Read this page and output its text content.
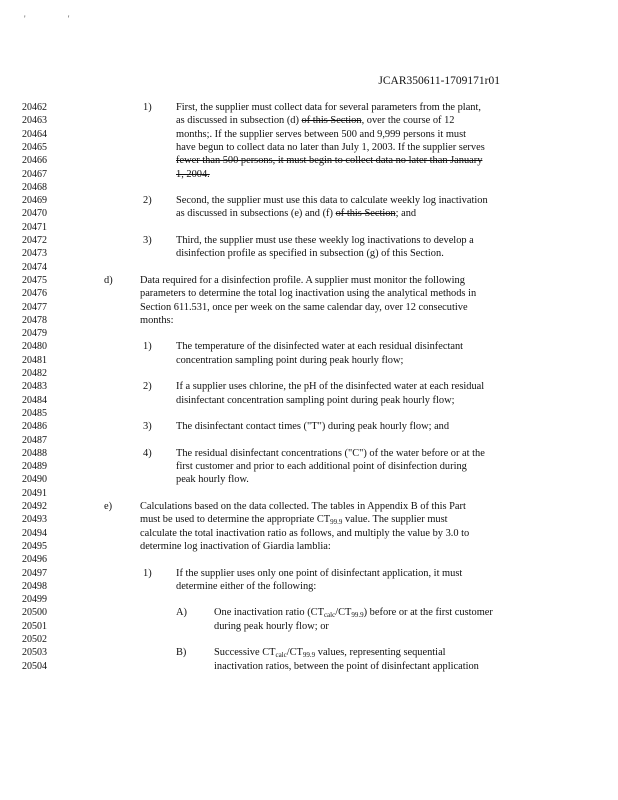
' '
JCAR350611-1709171r01
20462	1) First, the supplier must collect data for several parameters from the plant,
20463	as discussed in subsection (d) of this Section, over the course of 12
20464	months;. If the supplier serves between 500 and 9,999 persons it must
20465	have begun to collect data no later than July 1, 2003. If the supplier serves
20466	fewer than 500 persons, it must begin to collect data no later than January
20467	1, 2004.
20468
20469	2) Second, the supplier must use this data to calculate weekly log inactivation
20470	as discussed in subsections (e) and (f) of this Section; and
20471
20472	3) Third, the supplier must use these weekly log inactivations to develop a
20473	disinfection profile as specified in subsection (g) of this Section.
20474
20475	d)	Data required for a disinfection profile. A supplier must monitor the following
20476	parameters to determine the total log inactivation using the analytical methods in
20477	Section 611.531, once per week on the same calendar day, over 12 consecutive
20478	months:
20479
20480	1) The temperature of the disinfected water at each residual disinfectant
20481	concentration sampling point during peak hourly flow;
20482
20483	2) If a supplier uses chlorine, the pH of the disinfected water at each residual
20484	disinfectant concentration sampling point during peak hourly flow;
20485
20486	3) The disinfectant contact times ("T") during peak hourly flow; and
20487
20488	4) The residual disinfectant concentrations ("C") of the water before or at the
20489	first customer and prior to each additional point of disinfection during
20490	peak hourly flow.
20491
20492	e)	Calculations based on the data collected. The tables in Appendix B of this Part
20493	must be used to determine the appropriate $CT_{99.9}$ value. The supplier must
20494	calculate the total inactivation ratio as follows, and multiply the value by 3.0 to
20495	determine log inactivation of Giardia lamblia:
20496
20497	1) If the supplier uses only one point of disinfectant application, it must
20498	determine either of the following:
20499
20500	A)	One inactivation ratio $(CT_{calc}/CT_{99.9})$ before or at the first customer
20501	during peak hourly flow; or
20502
20503	B)	Successive $CT_{calc}/CT_{99.9}$ values, representing sequential
20504	inactivation ratios, between the point of disinfectant application
